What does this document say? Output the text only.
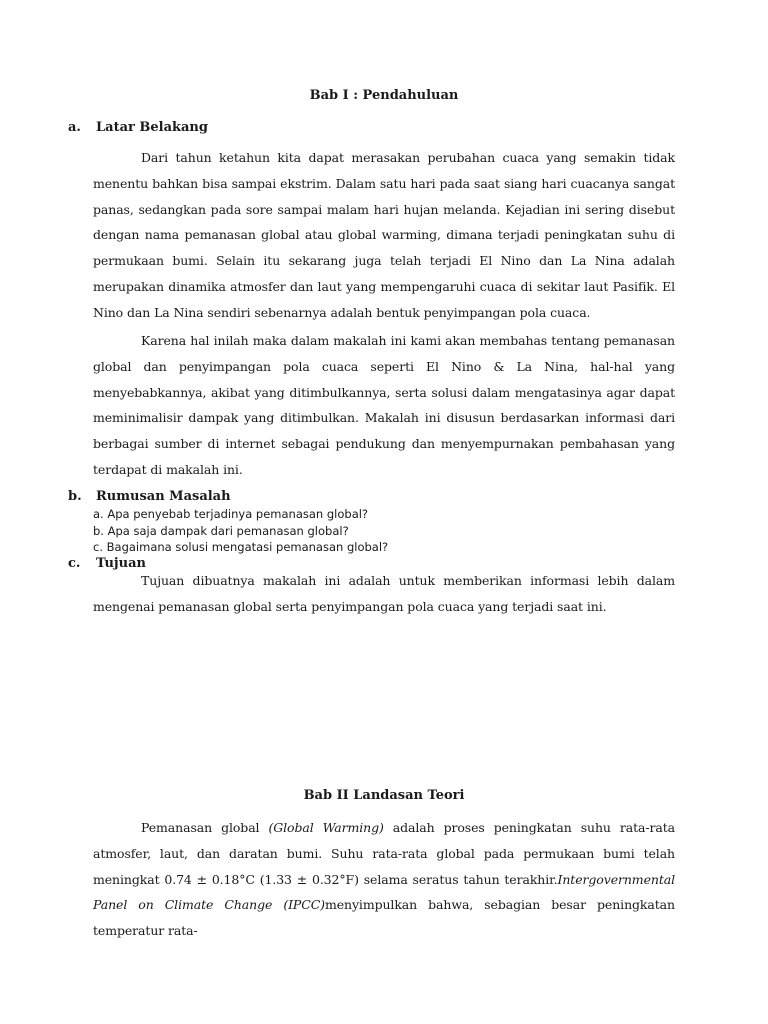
Bab I : Pendahuluan
a. Latar Belakang

Dari tahun ketahun kita dapat merasakan perubahan cuaca yang semakin tidak menentu bahkan bisa sampai ekstrim. Dalam satu hari pada saat siang hari cuacanya sangat panas, sedangkan pada sore sampai malam hari hujan melanda. Kejadian ini sering disebut dengan nama pemanasan global atau global warming, dimana terjadi peningkatan suhu di permukaan bumi. Selain itu sekarang juga telah terjadi El Nino dan La Nina adalah merupakan dinamika atmosfer dan laut yang mempengaruhi cuaca di sekitar laut Pasifik. El Nino dan La Nina sendiri sebenarnya adalah bentuk penyimpangan pola cuaca.

Karena hal inilah maka dalam makalah ini kami akan membahas tentang pemanasan global dan penyimpangan pola cuaca seperti El Nino & La Nina, hal-hal yang menyebabkannya, akibat yang ditimbulkannya, serta solusi dalam mengatasinya agar dapat meminimalisir dampak yang ditimbulkan. Makalah ini disusun berdasarkan informasi dari berbagai sumber di internet sebagai pendukung dan menyempurnakan pembahasan yang terdapat di makalah ini.

b. Rumusan Masalah
a. Apa penyebab terjadinya pemanasan global?
b. Apa saja dampak dari pemanasan global?
c. Bagaimana solusi mengatasi pemanasan global?
c. Tujuan

Tujuan dibuatnya makalah ini adalah untuk memberikan informasi lebih dalam mengenai pemanasan global serta penyimpangan pola cuaca yang terjadi saat ini.

Bab II Landasan Teori

Pemanasan global (Global Warming) adalah proses peningkatan suhu rata-rata atmosfer, laut, dan daratan bumi. Suhu rata-rata global pada permukaan bumi telah meningkat 0.74 ± 0.18°C (1.33 ± 0.32°F) selama seratus tahun terakhir.Intergovernmental Panel on Climate Change (IPCC)menyimpulkan bahwa, sebagian besar peningkatan temperatur rata-
